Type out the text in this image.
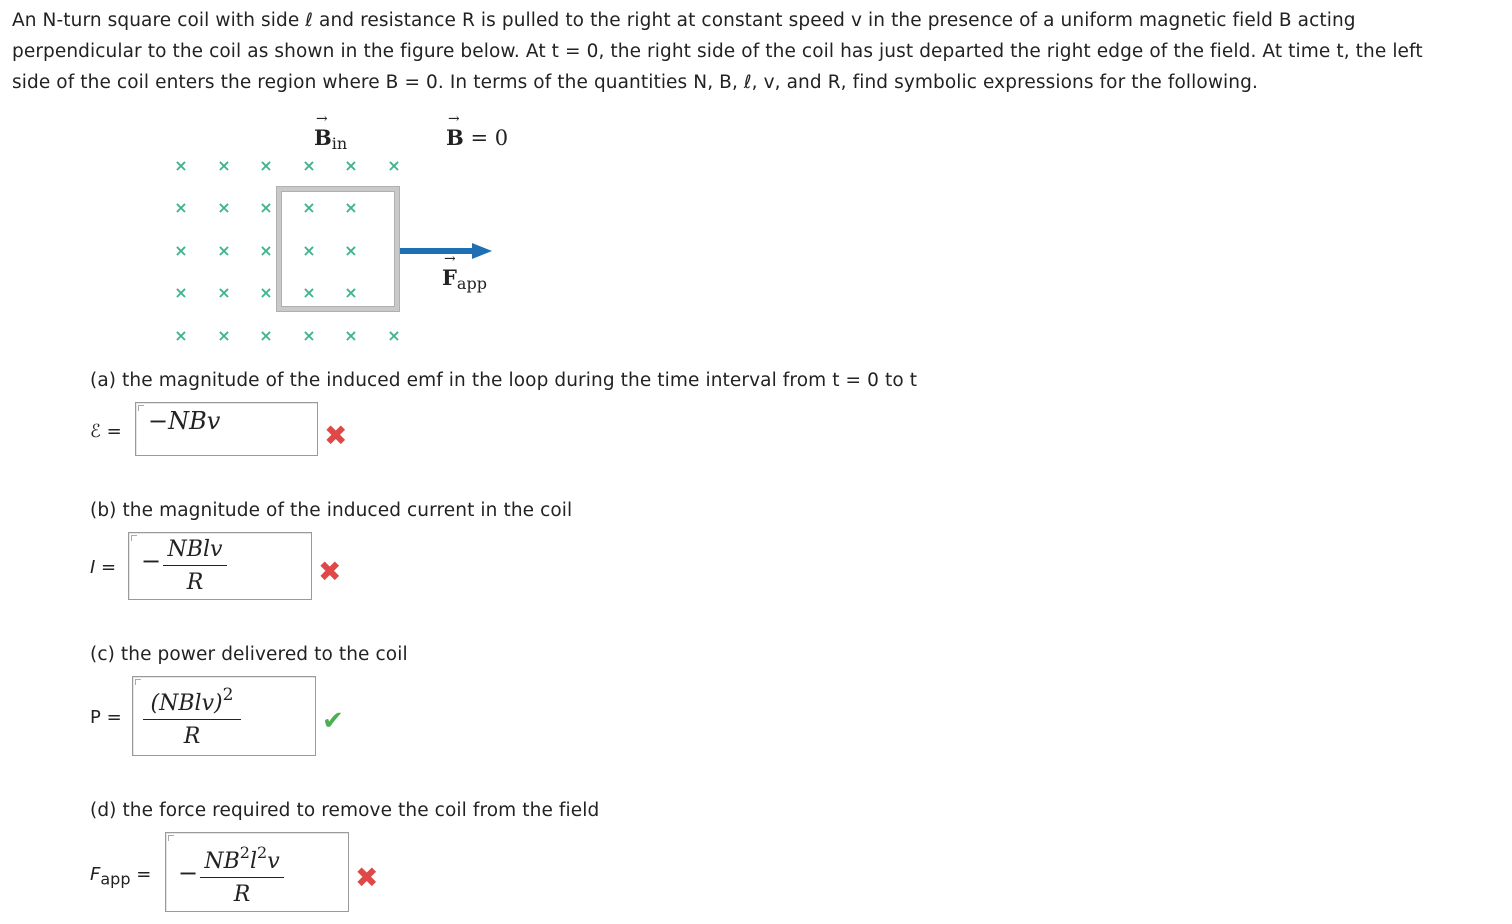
An N-turn square coil with side ℓ and resistance R is pulled to the right at constant speed v in the presence of a uniform magnetic field B acting
perpendicular to the coil as shown in the figure below. At t = 0, the right side of the coil has just departed the right edge of the field. At time t, the left
side of the coil enters the region where B = 0. In terms of the quantities N, B, ℓ, v, and R, find symbolic expressions for the following.
× × × × × ×
× × × × ×
× × × × ×
× × × × ×
× × × × × ×
→
$B_{in}$
→
B = 0
→
$F_{app}$
(a) the magnitude of the induced emf in the loop during the time interval from t = 0 to t
ℰ = −NBv	✖
(b) the magnitude of the induced current in the coil
I = − NBlv
R	✖
(c) the power delivered to the coil
P =
(NBlv)$^2$
R
✔
(d) the force required to remove the coil from the field
$F_{app}$ = − $NB^2l^2v$
R
✖
